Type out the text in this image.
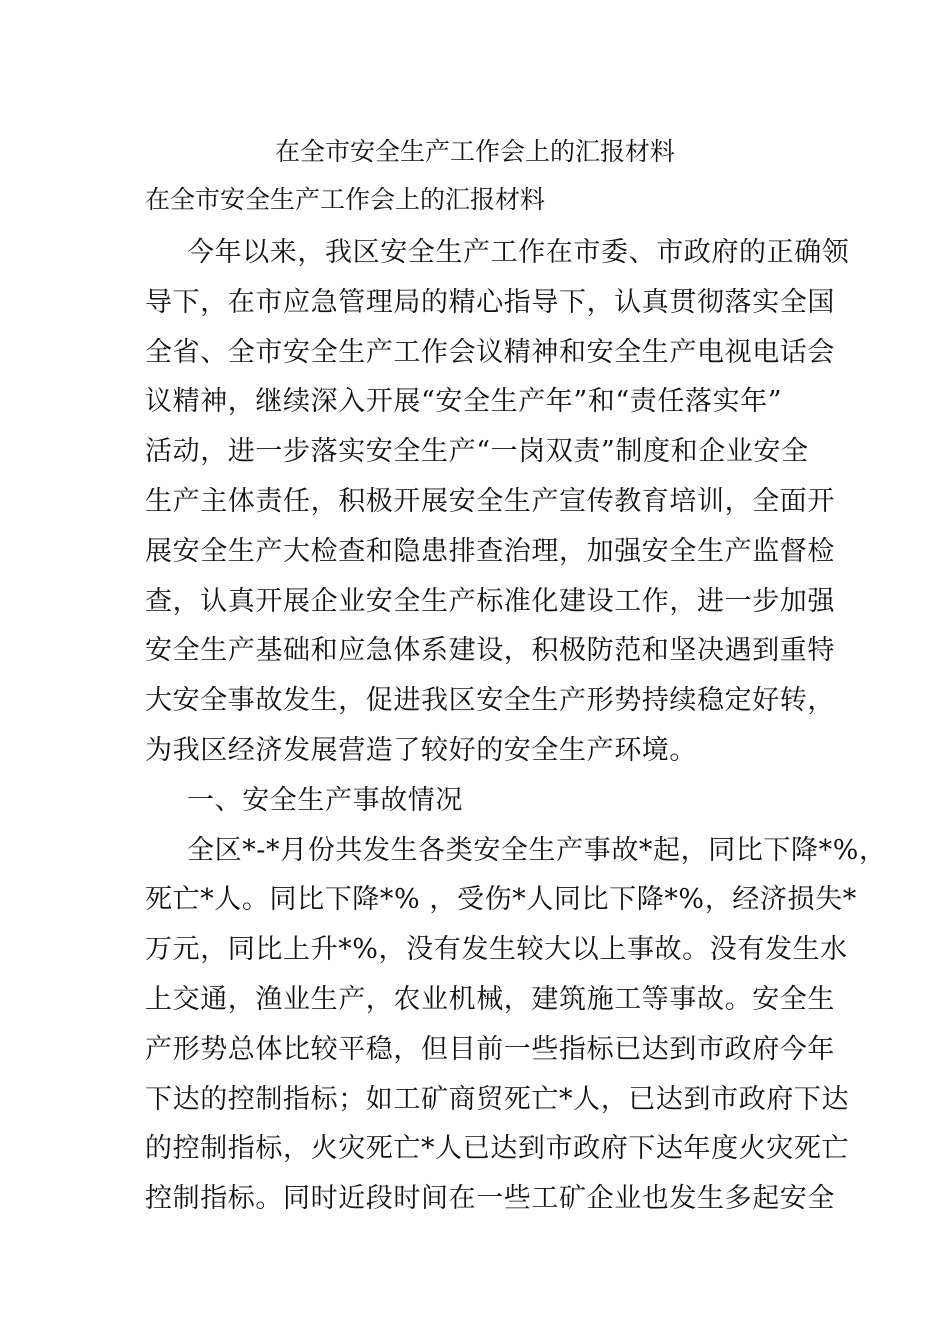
在全市安全生产工作会上的汇报材料
在全市安全生产工作会上的汇报材料
今年以来，我区安全生产工作在市委、市政府的正确领
导下，在市应急管理局的精心指导下，认真贯彻落实全国
全省、全市安全生产工作会议精神和安全生产电视电话会
议精神，继续深入开展“安全生产年”和“责任落实年”
活动，进一步落实安全生产“一岗双责”制度和企业安全
生产主体责任，积极开展安全生产宣传教育培训，全面开
展安全生产大检查和隐患排查治理，加强安全生产监督检
查，认真开展企业安全生产标准化建设工作，进一步加强
安全生产基础和应急体系建设，积极防范和坚决遇到重特
大安全事故发生，促进我区安全生产形势持续稳定好转，
为我区经济发展营造了较好的安全生产环境。
一、安全生产事故情况
全区*-*月份共发生各类安全生产事故*起，同比下降*%，
死亡*人。同比下降*% ，受伤*人同比下降*%，经济损失*
万元，同比上升*%，没有发生较大以上事故。没有发生水
上交通，渔业生产，农业机械，建筑施工等事故。安全生
产形势总体比较平稳，但目前一些指标已达到市政府今年
下达的控制指标；如工矿商贸死亡*人，已达到市政府下达
的控制指标，火灾死亡*人已达到市政府下达年度火灾死亡
控制指标。同时近段时间在一些工矿企业也发生多起安全
